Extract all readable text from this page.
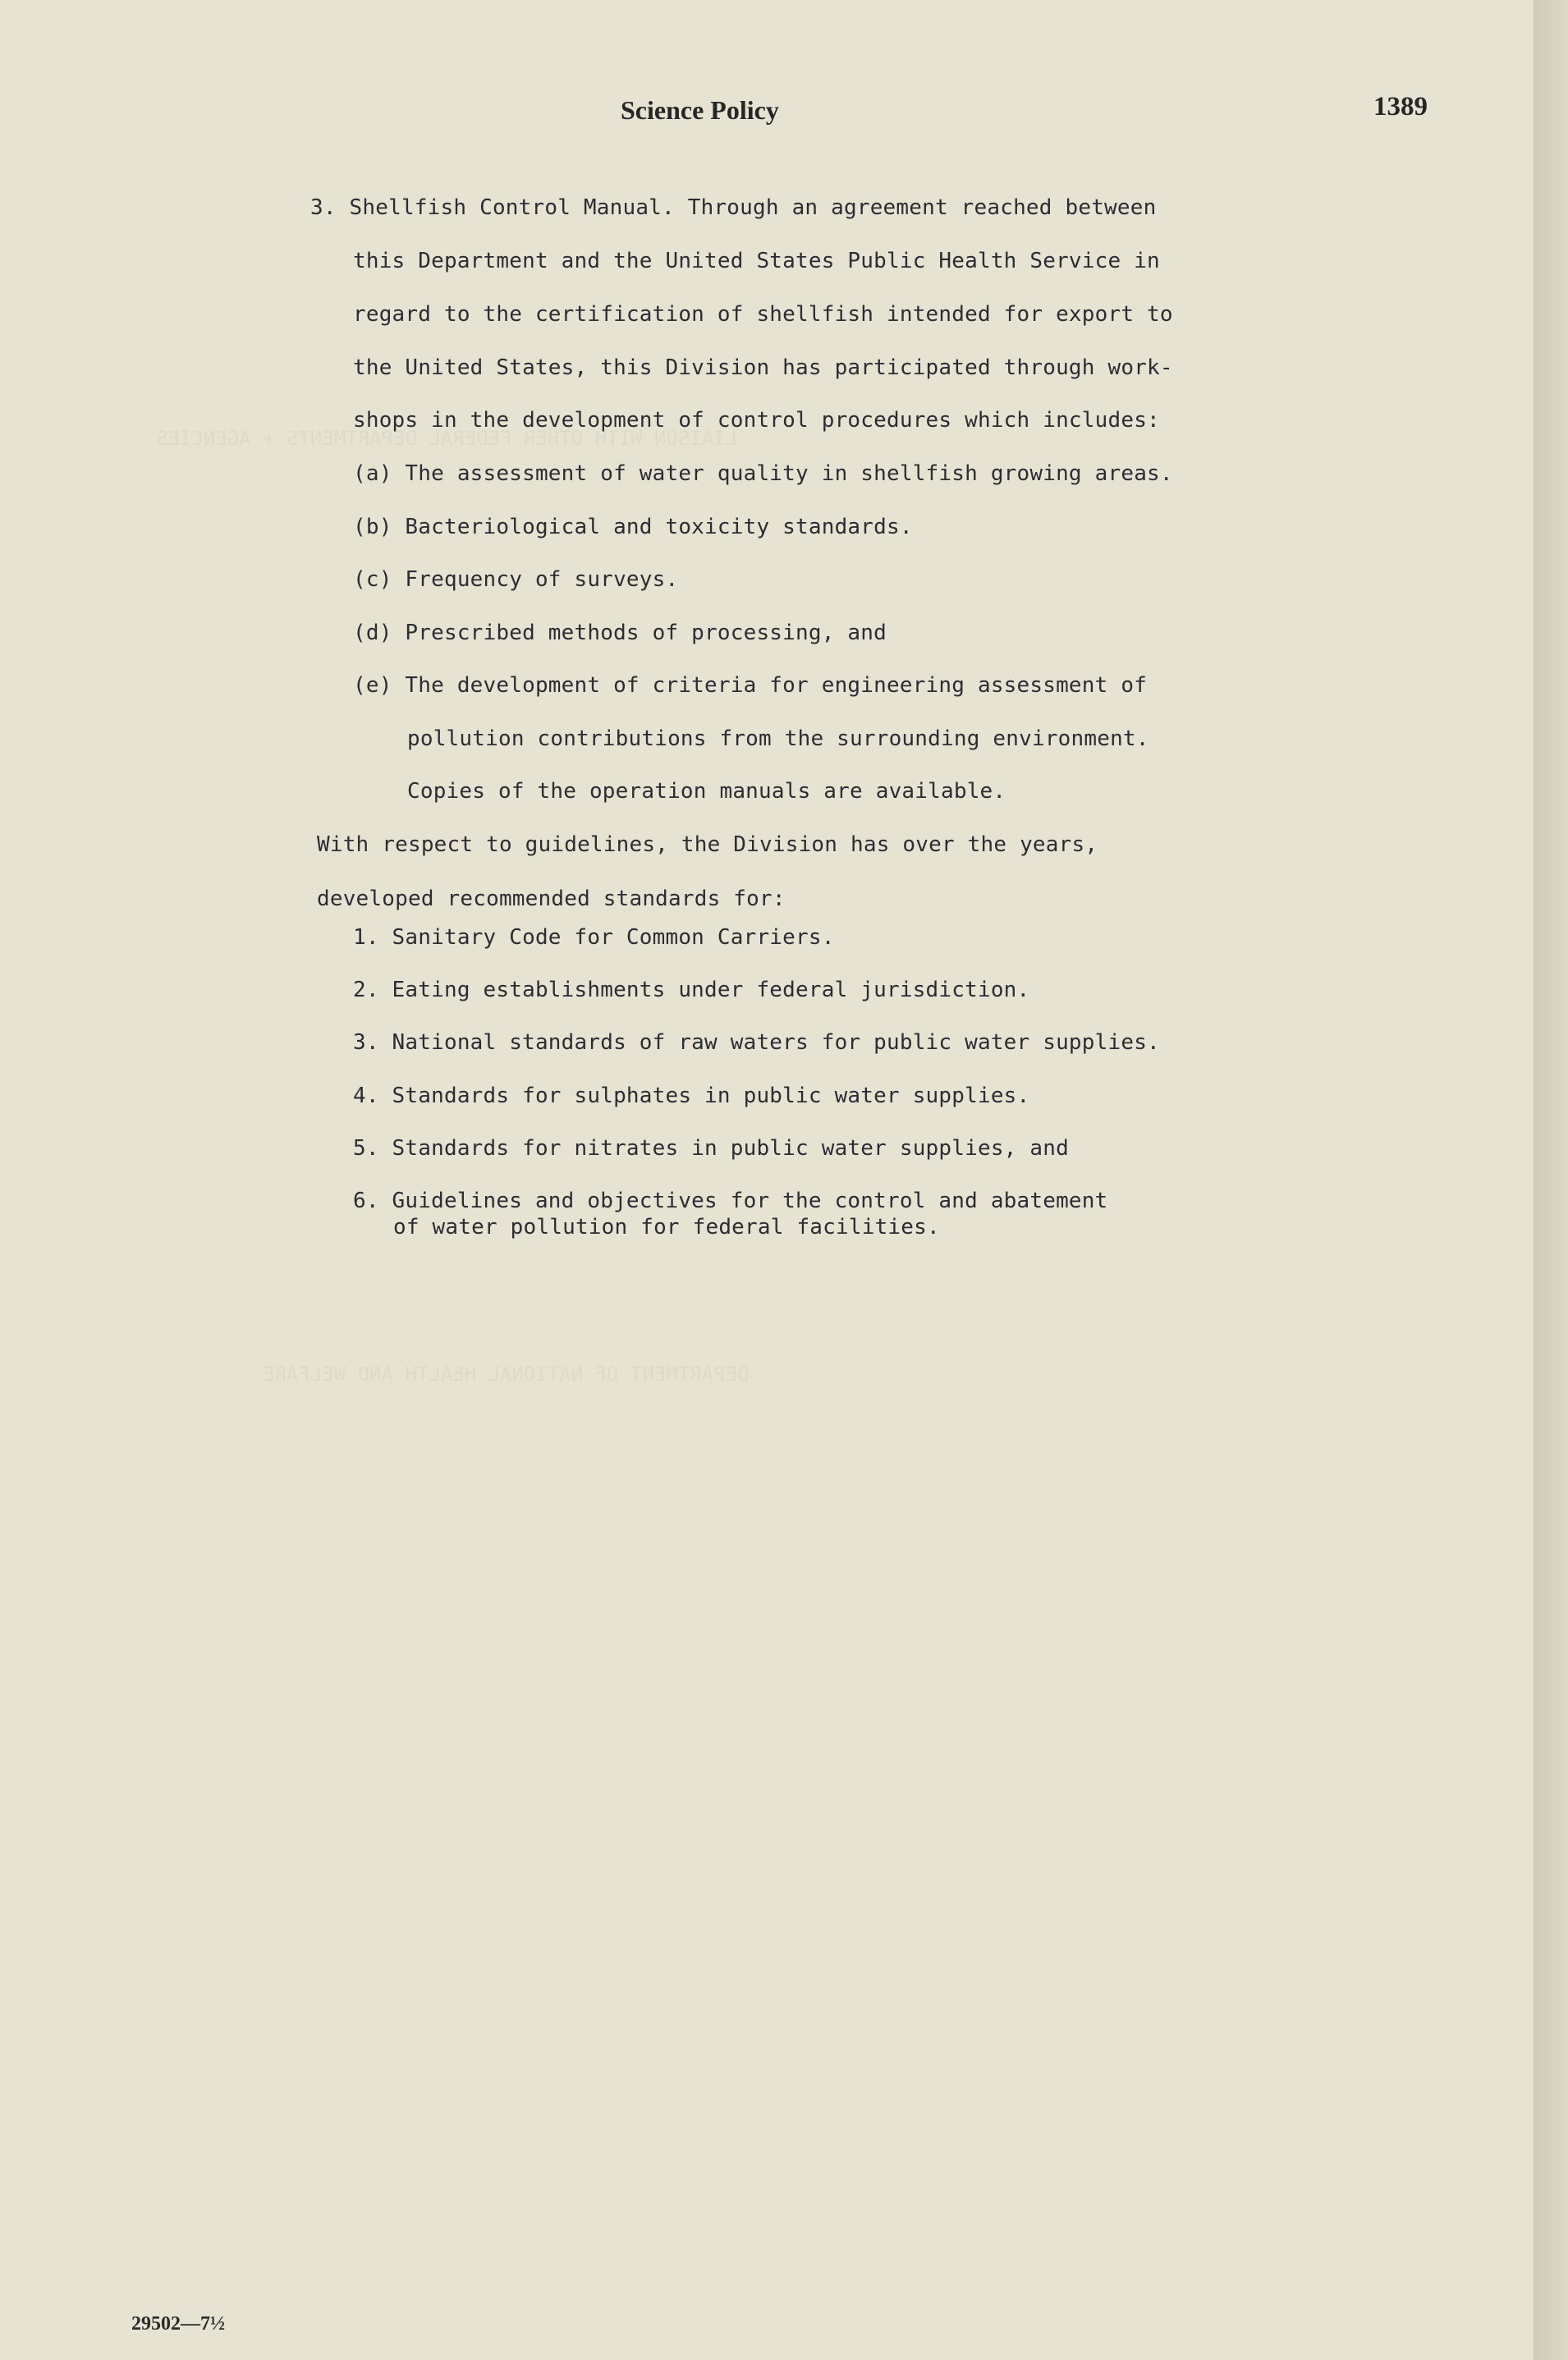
LIAISON WITH OTHER FEDERAL DEPARTMENTS + AGENCIES
DEPARTMENT OF NATIONAL HEALTH AND WELFARE
Science Policy	1389
3. Shellfish Control Manual. Through an agreement reached between
this Department and the United States Public Health Service in
regard to the certification of shellfish intended for export to
the United States, this Division has participated through work-
shops in the development of control procedures which includes:
(a) The assessment of water quality in shellfish growing areas.
(b) Bacteriological and toxicity standards.
(c) Frequency of surveys.
(d) Prescribed methods of processing, and
(e) The development of criteria for engineering assessment of
pollution contributions from the surrounding environment.
Copies of the operation manuals are available.
With respect to guidelines, the Division has over the years,
developed recommended standards for:
1. Sanitary Code for Common Carriers.
2. Eating establishments under federal jurisdiction.
3. National standards of raw waters for public water supplies.
4. Standards for sulphates in public water supplies.
5. Standards for nitrates in public water supplies, and
6. Guidelines and objectives for the control and abatement
of water pollution for federal facilities.
29502—7½
